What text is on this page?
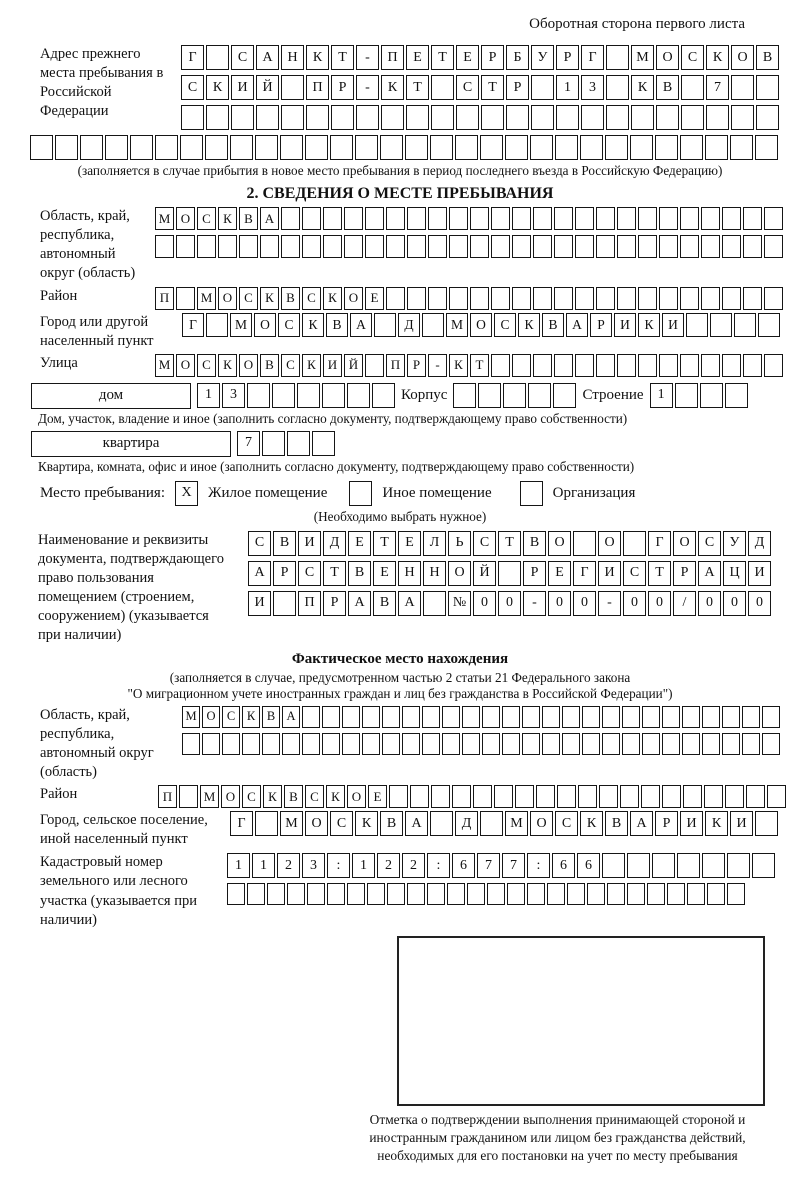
Оборотная сторона первого листа
Адрес прежнего места пребывания в Российской Федерации
Г	С	А	Н	К	Т	-	П	Е	Т	Е	Р	Б	У	Р	Г	М О	С	К	О	В
С	К	И	Й	П	Р	-	К	Т	С	Т	Р	1	3	К	В	7
(заполняется в случае прибытия в новое место пребывания в период последнего въезда в Российскую Федерацию)
2. СВЕДЕНИЯ О МЕСТЕ ПРЕБЫВАНИЯ
Область, край, республика, автономный округ (область)
М О С К В А
Район	П	М О С К В С К О Е
Город или другой населенный пункт
Г	М О	С	К	В	А	Д	М О	С	К	В	А	Р	И	К	И
Улица	М О С К О В С К И Й	П Р	-	К Т
дом	1	3	Корпус	Строение	1
Дом, участок, владение и иное (заполнить согласно документу, подтверждающему право собственности)
квартира	7
Квартира, комната, офис и иное (заполнить согласно документу, подтверждающему право собственности)
Место пребывания:	X	Жилое помещение	Иное помещение	Организация
(Необходимо выбрать нужное)
Наименование и реквизиты документа, подтверждающего право пользования помещением (строением, сооружением) (указывается при наличии)
С	В	И	Д	Е	Т	Е	Л	Ь	С	Т	В	О	О	Г	О	С	У	Д
А	Р	С	Т	В	Е	Н	Н	О	Й	Р	Е	Г	И	С	Т	Р	А	Ц	И
И	П	Р	А	В	А	№	0	0	-	0	0	-	0	0	/	0	0	0
Фактическое место нахождения
(заполняется в случае, предусмотренном частью 2 статьи 21 Федерального закона
"О миграционном учете иностранных граждан и лиц без гражданства в Российской Федерации")
Область, край, республика, автономный округ (область)
М О С К В А
Район	П	М О С К В С К О Е
Город, сельское поселение, иной населенный пункт
Г	М О	С	К	В	А	Д	М О	С	К	В	А	Р	И	К	И
Кадастровый номер земельного или лесного участка (указывается при наличии)
1	1	2	3	:	1	2	2	:	6	7	7	:	6	6
Отметка о подтверждении выполнения принимающей стороной и иностранным гражданином или лицом без гражданства действий, необходимых для его постановки на учет по месту пребывания
